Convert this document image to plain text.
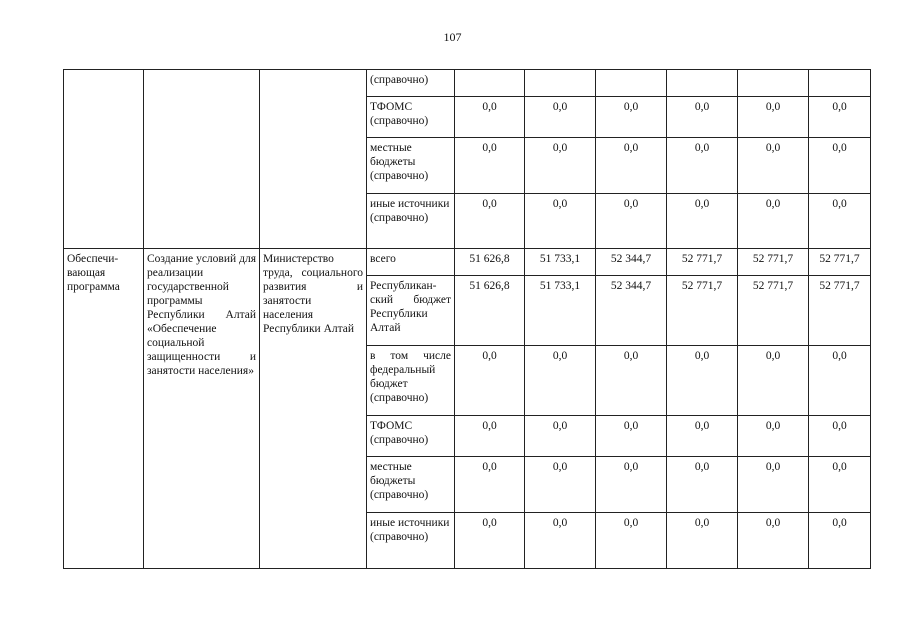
107
			(справочно)						
			ТФОМС (справочно)	0,0	0,0	0,0	0,0	0,0	0,0
			местные бюджеты (справочно)	0,0	0,0	0,0	0,0	0,0	0,0
			иные источники (справочно)	0,0	0,0	0,0	0,0	0,0	0,0
Обеспечи-вающая программа	Создание условий для реализации государственной программы Республики Алтай «Обеспечение социальной защищенности и занятости населения»	Министерство труда, социального развития и занятости населения Республики Алтай	всего	51 626,8	51 733,1	52 344,7	52 771,7	52 771,7	52 771,7
			Республикан-ский бюджет Республики Алтай	51 626,8	51 733,1	52 344,7	52 771,7	52 771,7	52 771,7
			в том числе федеральный бюджет (справочно)	0,0	0,0	0,0	0,0	0,0	0,0
			ТФОМС (справочно)	0,0	0,0	0,0	0,0	0,0	0,0
			местные бюджеты (справочно)	0,0	0,0	0,0	0,0	0,0	0,0
			иные источники (справочно)	0,0	0,0	0,0	0,0	0,0	0,0
